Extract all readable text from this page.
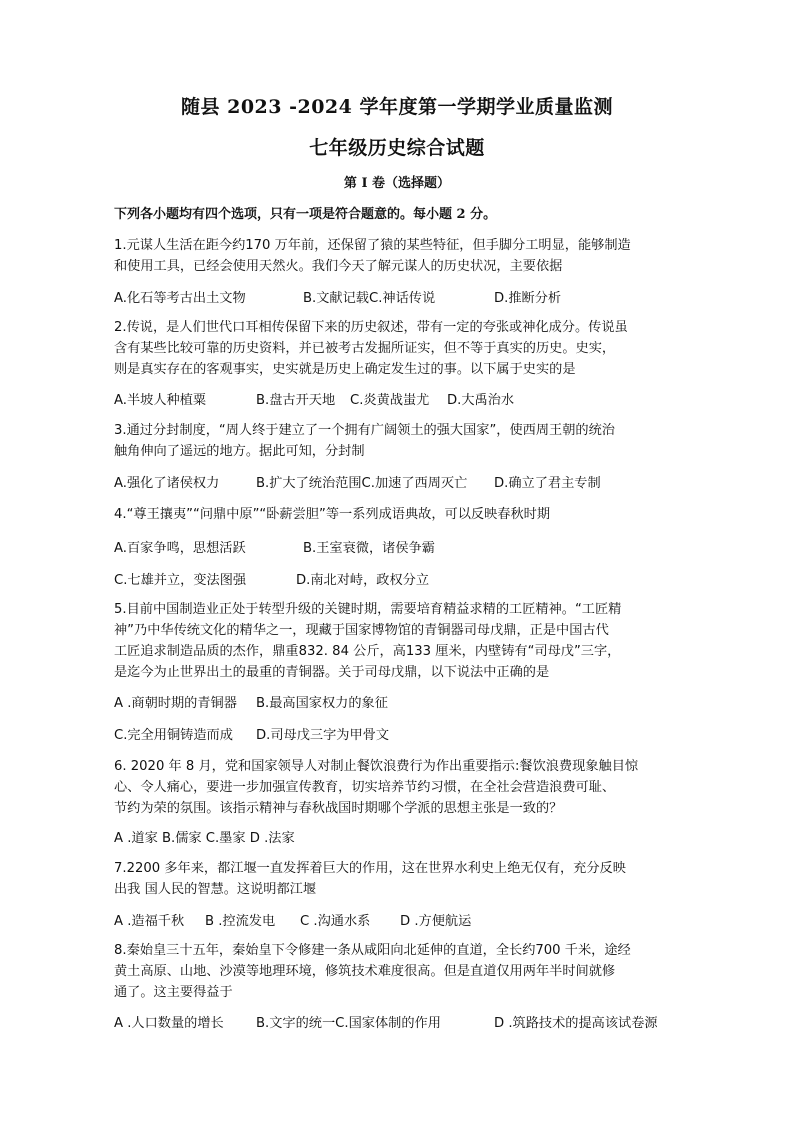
随县 2023 -2024 学年度第一学期学业质量监测
七年级历史综合试题
第 I 卷（选择题）
下列各小题均有四个选项，只有一项是符合题意的。每小题 2 分。
1.元谋人生活在距今约170 万年前，还保留了猿的某些特征，但手脚分工明显，能够制造
和使用工具，已经会使用天然火。我们今天了解元谋人的历史状况，主要依据
A.化石等考古出土文物	B.文献记载C.神话传说	D.推断分析
2.传说，是人们世代口耳相传保留下来的历史叙述，带有一定的夸张或神化成分。传说虽
含有某些比较可靠的历史资料，并已被考古发掘所证实，但不等于真实的历史。史实，
则是真实存在的客观事实，史实就是历史上确定发生过的事。以下属于史实的是
A.半坡人种植粟	B.盘古开天地 C.炎黄战蚩尤 D.大禹治水
3.通过分封制度，“周人终于建立了一个拥有广阔领土的强大国家”，使西周王朝的统治
触角伸向了遥远的地方。据此可知，分封制
A.强化了诸侯权力	B.扩大了统治范围C.加速了西周灭亡 D.确立了君主专制
4.“尊王攘夷”“问鼎中原”“卧薪尝胆”等一系列成语典故，可以反映春秋时期
A.百家争鸣，思想活跃	B.王室衰微，诸侯争霸
C.七雄并立，变法图强	D.南北对峙，政权分立
5.目前中国制造业正处于转型升级的关键时期，需要培育精益求精的工匠精神。“工匠精
神”乃中华传统文化的精华之一，现藏于国家博物馆的青铜器司母戊鼎，正是中国古代
工匠追求制造品质的杰作，鼎重832. 84 公斤，高133 厘米，内壁铸有“司母戊”三字，
是迄今为止世界出土的最重的青铜器。关于司母戊鼎，以下说法中正确的是
A .商朝时期的青铜器 B.最高国家权力的象征
C.完全用铜铸造而成 D.司母戊三字为甲骨文
6. 2020 年 8 月，党和国家领导人对制止餐饮浪费行为作出重要指示:餐饮浪费现象触目惊
心、令人痛心，要进一步加强宣传教育，切实培养节约习惯，在全社会营造浪费可耻、
节约为荣的氛围。该指示精神与春秋战国时期哪个学派的思想主张是一致的？
A .道家 B.儒家 C.墨家 D .法家
7.2200 多年来，都江堰一直发挥着巨大的作用，这在世界水利史上绝无仅有，充分反映
出我 国人民的智慧。这说明都江堰
A .造福千秋 B .控流发电 C .沟通水系 D .方便航运
8.秦始皇三十五年，秦始皇下令修建一条从咸阳向北延伸的直道，全长约700 千米，途经
黄土高原、山地、沙漠等地理环境，修筑技术难度很高。但是直道仅用两年半时间就修
通了。这主要得益于
A .人口数量的增长 B.文字的统一C.国家体制的作用	D .筑路技术的提高该试卷源
